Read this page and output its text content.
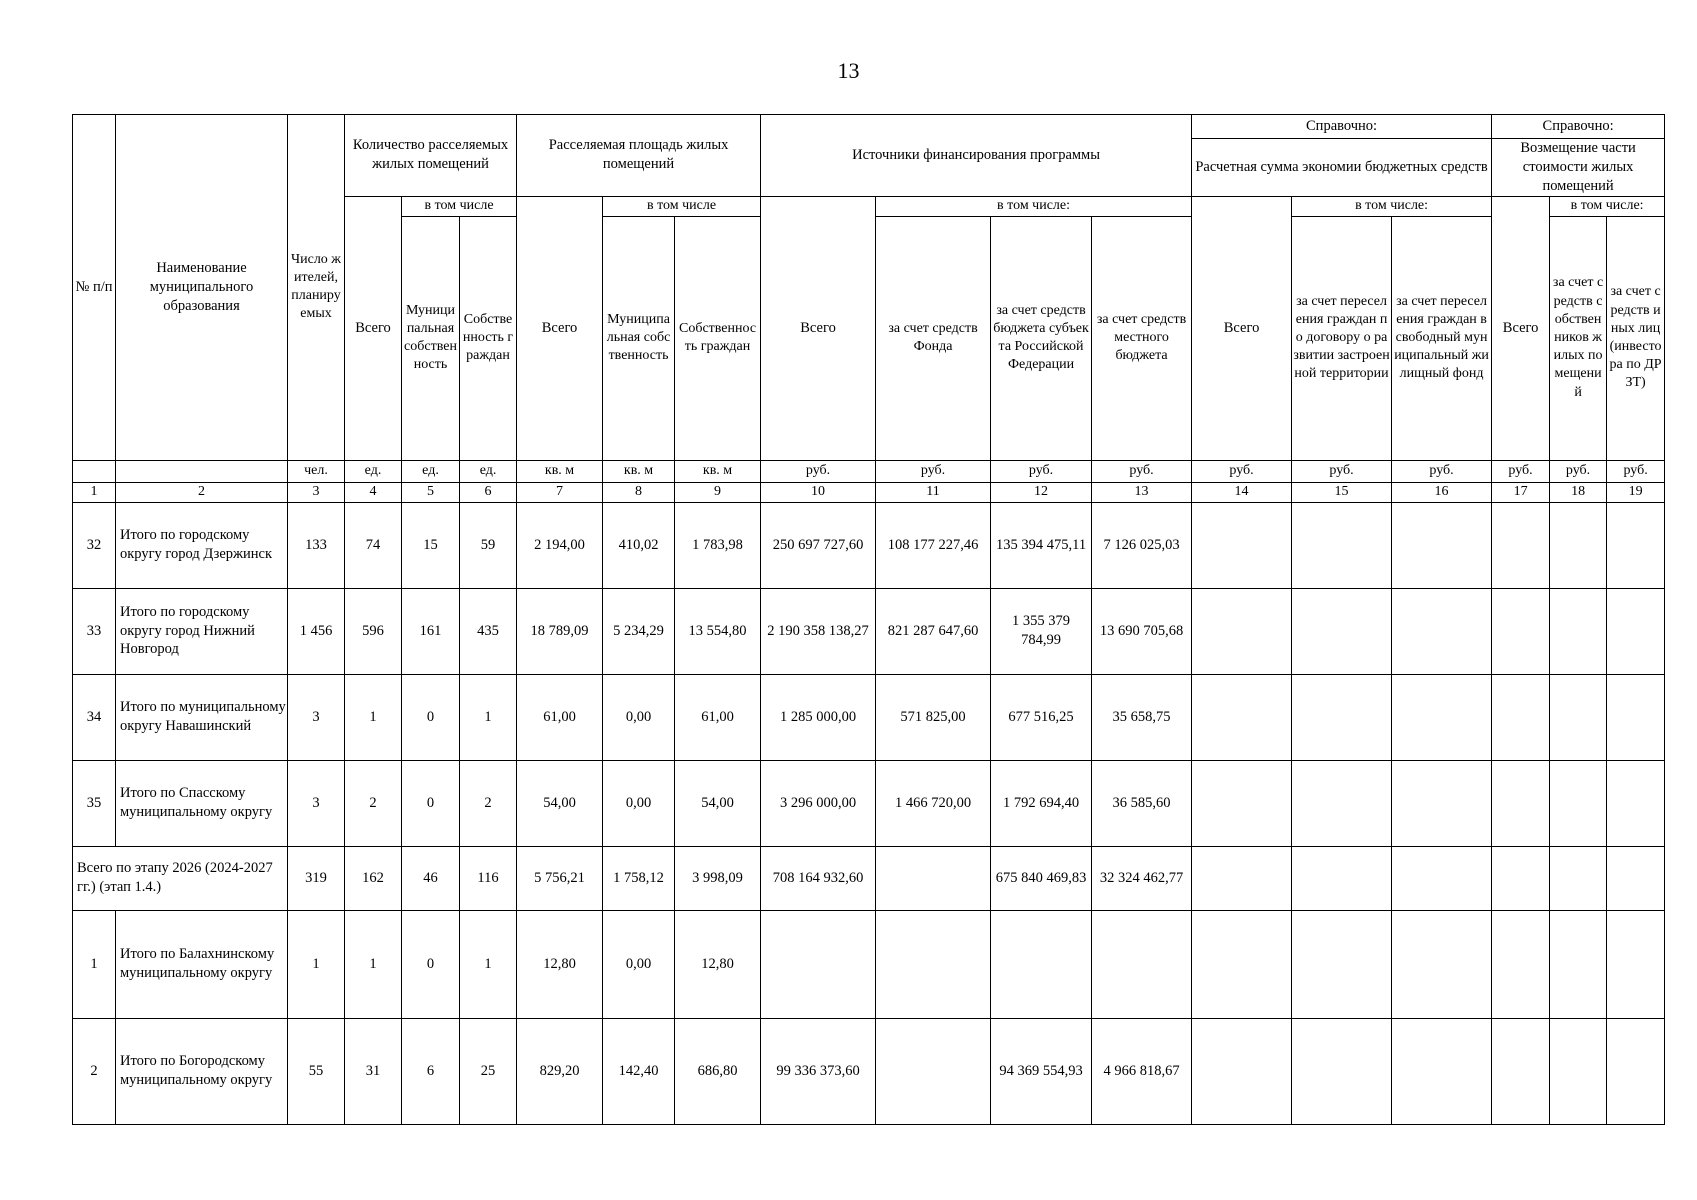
13
№ п/п	Наименование муниципального образования	Число жителей, планируемых	Количество расселяемых жилых помещений			Расселяемая площадь жилых помещений			Источники финансирования программы				Справочно:			Справочно:		
													Расчетная сумма экономии бюджетных средств			Возмещение части стоимости жилых помещений		
			Всего	в том числе		Всего	в том числе		Всего	в том числе:			Всего	в том числе:		Всего	в том числе:	
				Муниципальная собственность	Собственность граждан		Муниципальная собственность	Собственность граждан		за счет средств Фонда	за счет средств бюджета субъекта Российской Федерации	за счет средств местного бюджета		за счет переселения граждан по договору о развитии застроенной территории	за счет переселения граждан в свободный муниципальный жилищный фонд		за счет средств собственников жилых помещений	за счет средств иных лиц (инвестора по ДРЗТ)
		чел.	ед.	ед.	ед.	кв. м	кв. м	кв. м	руб.	руб.	руб.	руб.	руб.	руб.	руб.	руб.	руб.	руб.
1	2	3	4	5	6	7	8	9	10	11	12	13	14	15	16	17	18	19
32	Итого по городскому округу город Дзержинск	133	74	15	59	2 194,00	410,02	1 783,98	250 697 727,60	108 177 227,46	135 394 475,11	7 126 025,03						
33	Итого по городскому округу город Нижний Новгород	1 456	596	161	435	18 789,09	5 234,29	13 554,80	2 190 358 138,27	821 287 647,60	1 355 379 784,99	13 690 705,68						
34	Итого по муниципальному округу Навашинский	3	1	0	1	61,00	0,00	61,00	1 285 000,00	571 825,00	677 516,25	35 658,75						
35	Итого по Спасскому муниципальному округу	3	2	0	2	54,00	0,00	54,00	3 296 000,00	1 466 720,00	1 792 694,40	36 585,60						
Всего по этапу 2026 (2024-2027 гг.) (этап 1.4.)		319	162	46	116	5 756,21	1 758,12	3 998,09	708 164 932,60		675 840 469,83	32 324 462,77						
1	Итого по Балахнинскому муниципальному округу	1	1	0	1	12,80	0,00	12,80										
2	Итого по Богородскому муниципальному округу	55	31	6	25	829,20	142,40	686,80	99 336 373,60		94 369 554,93	4 966 818,67						
